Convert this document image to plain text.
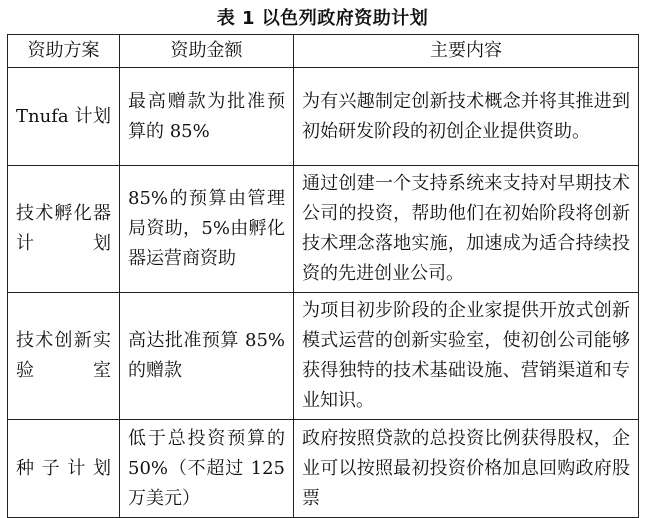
表 1 以色列政府资助计划
资助方案	资助金额	主要内容
Tnufa 计划	最高赠款为批准预算的 85%	为有兴趣制定创新技术概念并将其推进到初始研发阶段的初创企业提供资助。
技术孵化器计划	85%的预算由管理局资助，5%由孵化器运营商资助	通过创建一个支持系统来支持对早期技术公司的投资，帮助他们在初始阶段将创新技术理念落地实施，加速成为适合持续投资的先进创业公司。
技术创新实验室	高达批准预算 85%的赠款	为项目初步阶段的企业家提供开放式创新模式运营的创新实验室，使初创公司能够获得独特的技术基础设施、营销渠道和专业知识。
种子计划	低于总投资预算的 50%（不超过 125 万美元）	政府按照贷款的总投资比例获得股权，企业可以按照最初投资价格加息回购政府股票
